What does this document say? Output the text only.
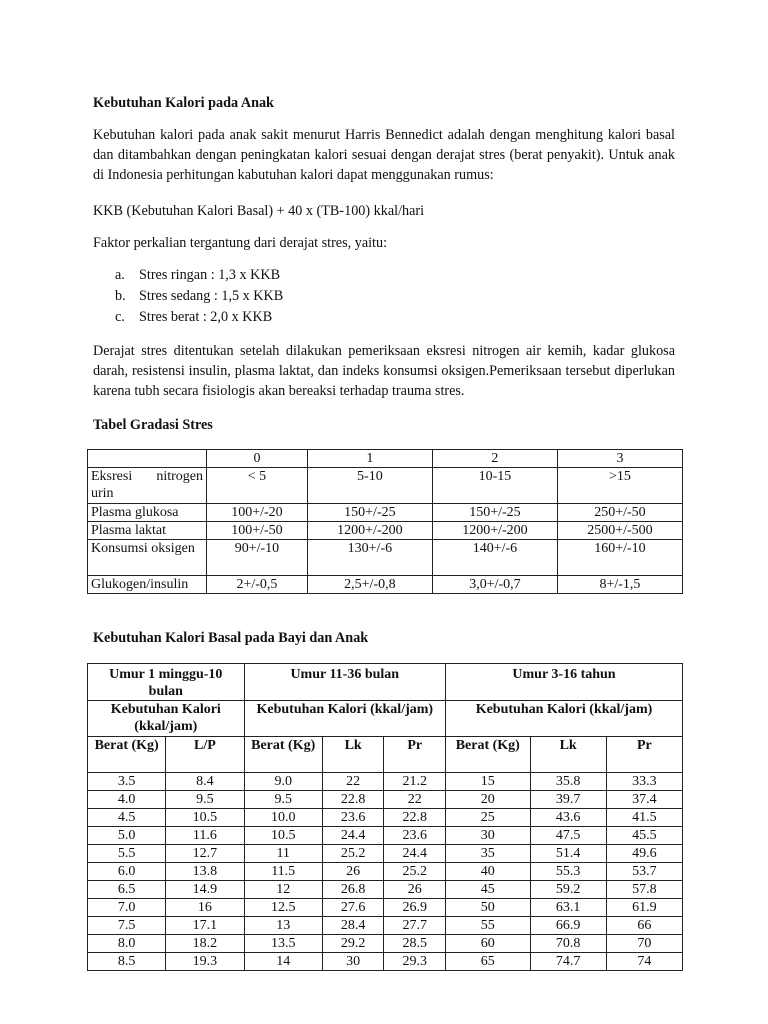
Kebutuhan Kalori pada Anak

Kebutuhan kalori pada anak sakit menurut Harris Bennedict adalah dengan menghitung kalori basal dan ditambahkan dengan peningkatan kalori sesuai dengan derajat stres (berat penyakit). Untuk anak di Indonesia perhitungan kabutuhan kalori dapat menggunakan rumus:

KKB (Kebutuhan Kalori Basal) + 40 x (TB-100) kkal/hari

Faktor perkalian tergantung dari derajat stres, yaitu:

a. Stres ringan : 1,3 x KKB
b. Stres sedang : 1,5 x KKB
c. Stres berat : 2,0 x KKB

Derajat stres ditentukan setelah dilakukan pemeriksaan eksresi nitrogen air kemih, kadar glukosa darah, resistensi insulin, plasma laktat, dan indeks konsumsi oksigen.Pemeriksaan tersebut diperlukan karena tubh secara fisiologis akan bereaksi terhadap trauma stres.

Tabel Gradasi Stres
Kebutuhan Kalori Basal pada Bayi dan Anak
	0	1	2	3
Eksresi nitrogen urin	< 5	5-10	10-15	>15
Plasma glukosa	100+/-20	150+/-25	150+/-25	250+/-50
Plasma laktat	100+/-50	1200+/-200	1200+/-200	2500+/-500
Konsumsi oksigen	90+/-10	130+/-6	140+/-6	160+/-10
Glukogen/insulin	2+/-0,5	2,5+/-0,8	3,0+/-0,7	8+/-1,5
Umur 1 minggu-10 bulan		Umur 11-36 bulan			Umur 3-16 tahun		
Kebutuhan Kalori (kkal/jam)		Kebutuhan Kalori (kkal/jam)			Kebutuhan Kalori (kkal/jam)		
Berat (Kg)	L/P	Berat (Kg)	Lk	Pr	Berat (Kg)	Lk	Pr
3.5	8.4	9.0	22	21.2	15	35.8	33.3
4.0	9.5	9.5	22.8	22	20	39.7	37.4
4.5	10.5	10.0	23.6	22.8	25	43.6	41.5
5.0	11.6	10.5	24.4	23.6	30	47.5	45.5
5.5	12.7	11	25.2	24.4	35	51.4	49.6
6.0	13.8	11.5	26	25.2	40	55.3	53.7
6.5	14.9	12	26.8	26	45	59.2	57.8
7.0	16	12.5	27.6	26.9	50	63.1	61.9
7.5	17.1	13	28.4	27.7	55	66.9	66
8.0	18.2	13.5	29.2	28.5	60	70.8	70
8.5	19.3	14	30	29.3	65	74.7	74
